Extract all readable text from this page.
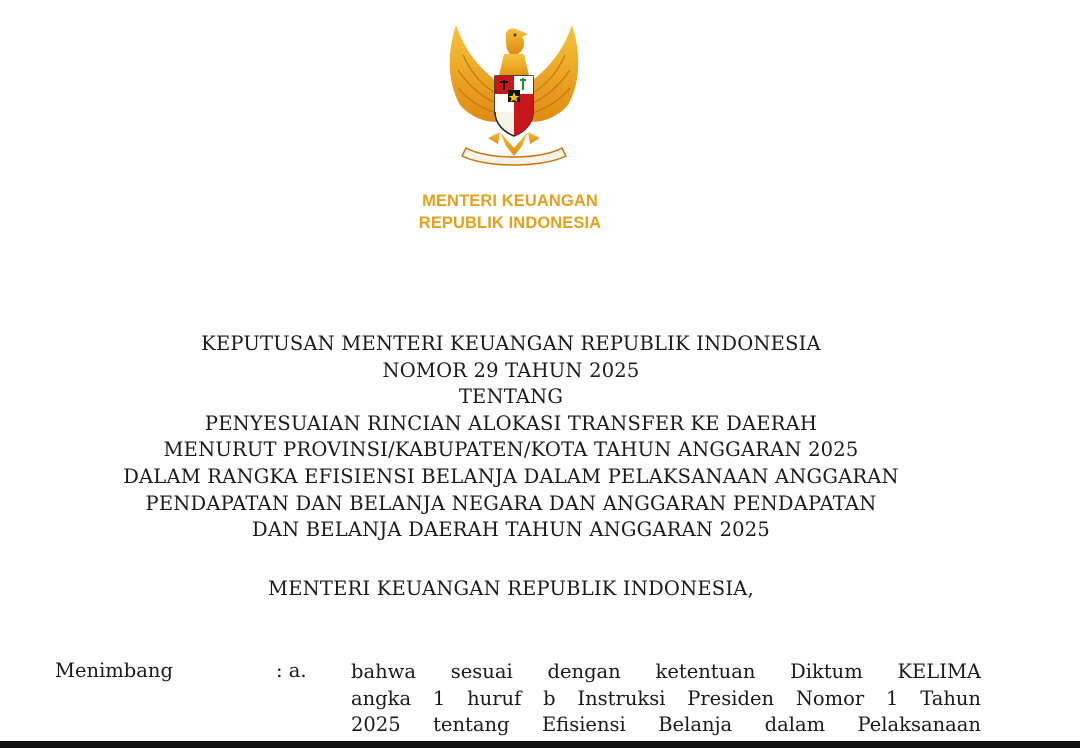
MENTERI KEUANGAN
REPUBLIK INDONESIA
KEPUTUSAN MENTERI KEUANGAN REPUBLIK INDONESIA
NOMOR 29 TAHUN 2025
TENTANG
PENYESUAIAN RINCIAN ALOKASI TRANSFER KE DAERAH
MENURUT PROVINSI/KABUPATEN/KOTA TAHUN ANGGARAN 2025
DALAM RANGKA EFISIENSI BELANJA DALAM PELAKSANAAN ANGGARAN
PENDAPATAN DAN BELANJA NEGARA DAN ANGGARAN PENDAPATAN
DAN BELANJA DAERAH TAHUN ANGGARAN 2025
MENTERI KEUANGAN REPUBLIK INDONESIA,
Menimbang	: a. bahwa sesuai dengan ketentuan Diktum KELIMA
angka 1 huruf b Instruksi Presiden Nomor 1 Tahun
2025 tentang Efisiensi Belanja dalam Pelaksanaan
